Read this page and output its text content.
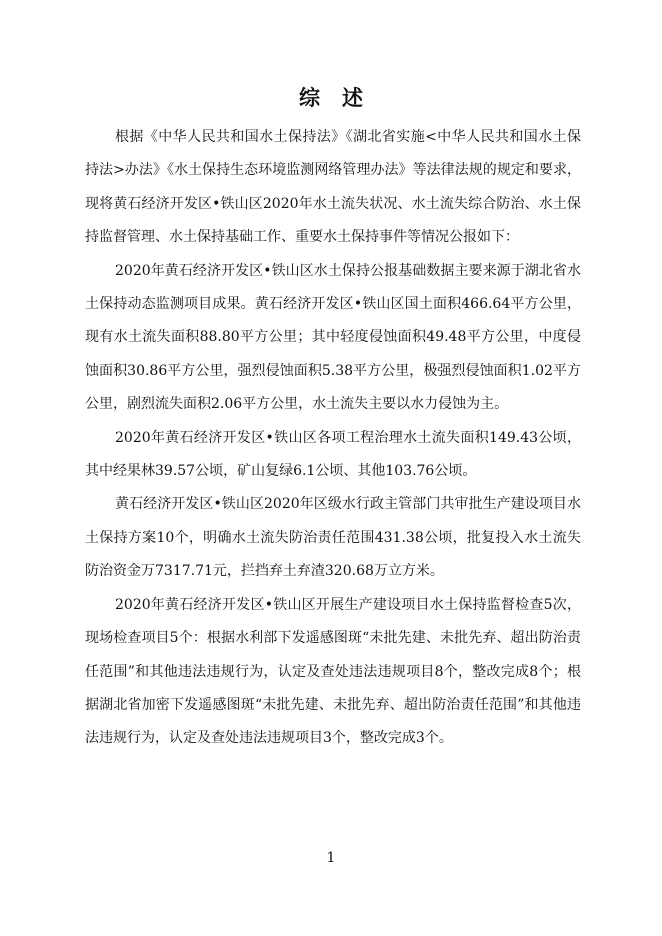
综 述

根据《中华人民共和国水土保持法》《湖北省实施<中华人民共和国水土保持法>办法》《水土保持生态环境监测网络管理办法》等法律法规的规定和要求，现将黄石经济开发区•铁山区2020年水土流失状况、水土流失综合防治、水土保持监督管理、水土保持基础工作、重要水土保持事件等情况公报如下：

2020年黄石经济开发区•铁山区水土保持公报基础数据主要来源于湖北省水土保持动态监测项目成果。黄石经济开发区•铁山区国土面积466.64平方公里，现有水土流失面积88.80平方公里；其中轻度侵蚀面积49.48平方公里，中度侵蚀面积30.86平方公里，强烈侵蚀面积5.38平方公里，极强烈侵蚀面积1.02平方公里，剧烈流失面积2.06平方公里，水土流失主要以水力侵蚀为主。

2020年黄石经济开发区•铁山区各项工程治理水土流失面积149.43公顷，其中经果林39.57公顷，矿山复绿6.1公顷、其他103.76公顷。

黄石经济开发区•铁山区2020年区级水行政主管部门共审批生产建设项目水土保持方案10个，明确水土流失防治责任范围431.38公顷，批复投入水土流失防治资金万7317.71元，拦挡弃土弃渣320.68万立方米。

2020年黄石经济开发区•铁山区开展生产建设项目水土保持监督检查5次，现场检查项目5个：根据水利部下发遥感图斑“未批先建、未批先弃、超出防治责任范围”和其他违法违规行为，认定及查处违法违规项目8个，整改完成8个；根据湖北省加密下发遥感图斑“未批先建、未批先弃、超出防治责任范围”和其他违法违规行为，认定及查处违法违规项目3个，整改完成3个。

1
